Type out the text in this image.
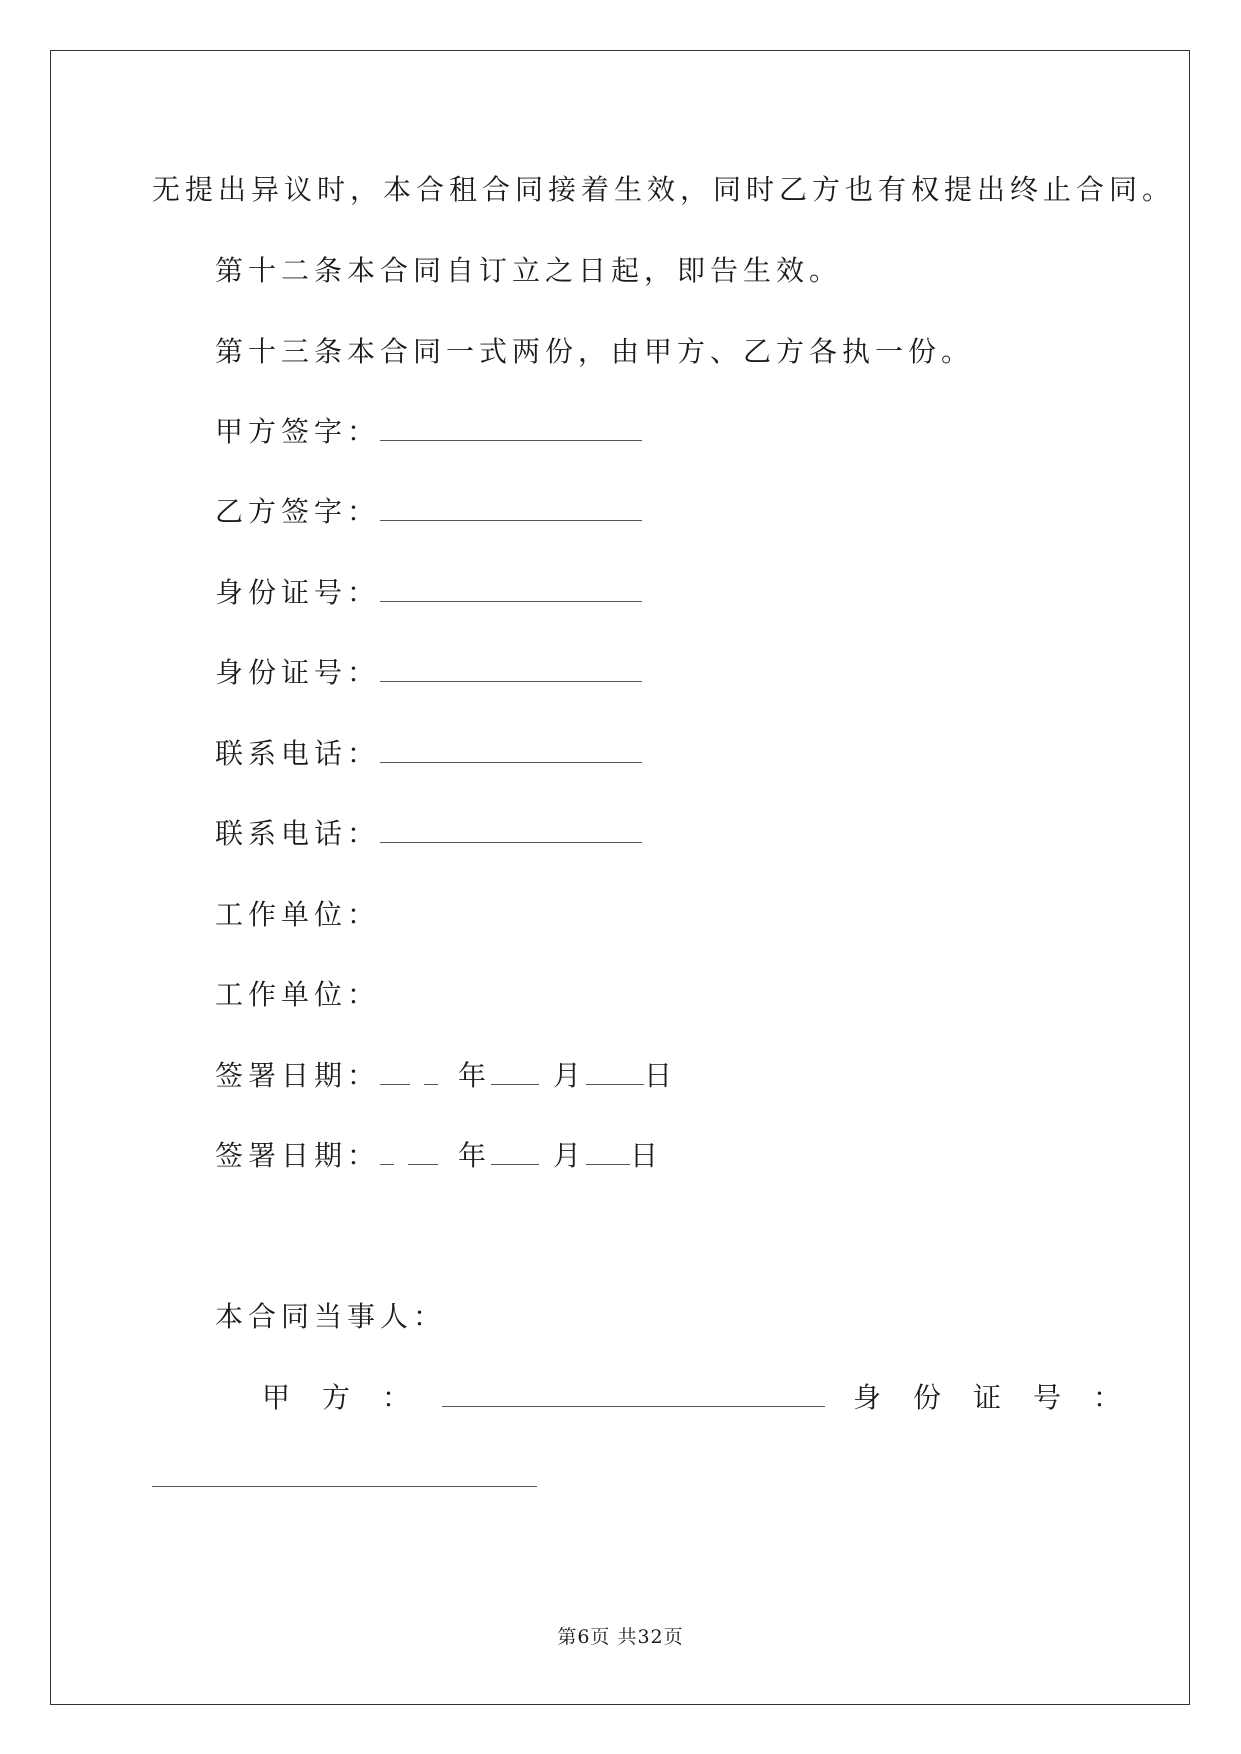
无提出异议时，本合租合同接着生效，同时乙方也有权提出终止合同。
第十二条本合同自订立之日起，即告生效。
第十三条本合同一式两份，由甲方、乙方各执一份。
甲方签字：
乙方签字：
身份证号：
身份证号：
联系电话：
联系电话：
工作单位：
工作单位：
签署日期：	年 月 日
签署日期：	年 月 日
本合同当事人：
甲方：	身份证号：
第6页 共32页
